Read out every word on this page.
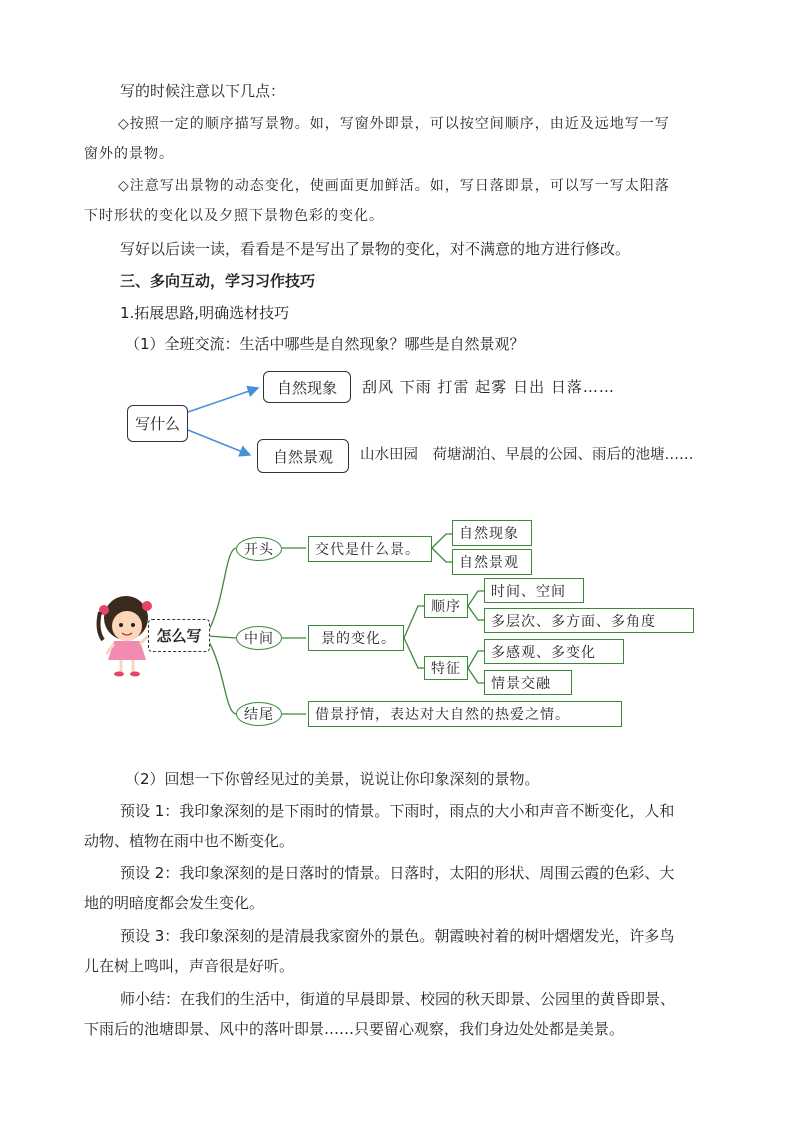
写的时候注意以下几点：
◇按照一定的顺序描写景物。如，写窗外即景，可以按空间顺序，由近及远地写一写
窗外的景物。
◇注意写出景物的动态变化，使画面更加鲜活。如，写日落即景，可以写一写太阳落
下时形状的变化以及夕照下景物色彩的变化。
写好以后读一读，看看是不是写出了景物的变化，对不满意的地方进行修改。
三、多向互动，学习习作技巧
1.拓展思路,明确选材技巧
（1）全班交流：生活中哪些是自然现象？哪些是自然景观？
写什么
自然现象 刮风 下雨 打雷 起雾 日出 日落……
自然景观 山水田园　荷塘湖泊、早晨的公园、雨后的池塘……
怎么写
开头	交代是什么景。
自然现象
自然景观
中间	景的变化。
顺序
特征
时间、空间
多层次、多方面、多角度
多感观、多变化
情景交融
结尾	借景抒情，表达对大自然的热爱之情。
（2）回想一下你曾经见过的美景，说说让你印象深刻的景物。
预设 1：我印象深刻的是下雨时的情景。下雨时，雨点的大小和声音不断变化，人和
动物、植物在雨中也不断变化。
预设 2：我印象深刻的是日落时的情景。日落时，太阳的形状、周围云霞的色彩、大
地的明暗度都会发生变化。
预设 3：我印象深刻的是清晨我家窗外的景色。朝霞映衬着的树叶熠熠发光，许多鸟
儿在树上鸣叫，声音很是好听。
师小结：在我们的生活中，街道的早晨即景、校园的秋天即景、公园里的黄昏即景、
下雨后的池塘即景、风中的落叶即景……只要留心观察，我们身边处处都是美景。
